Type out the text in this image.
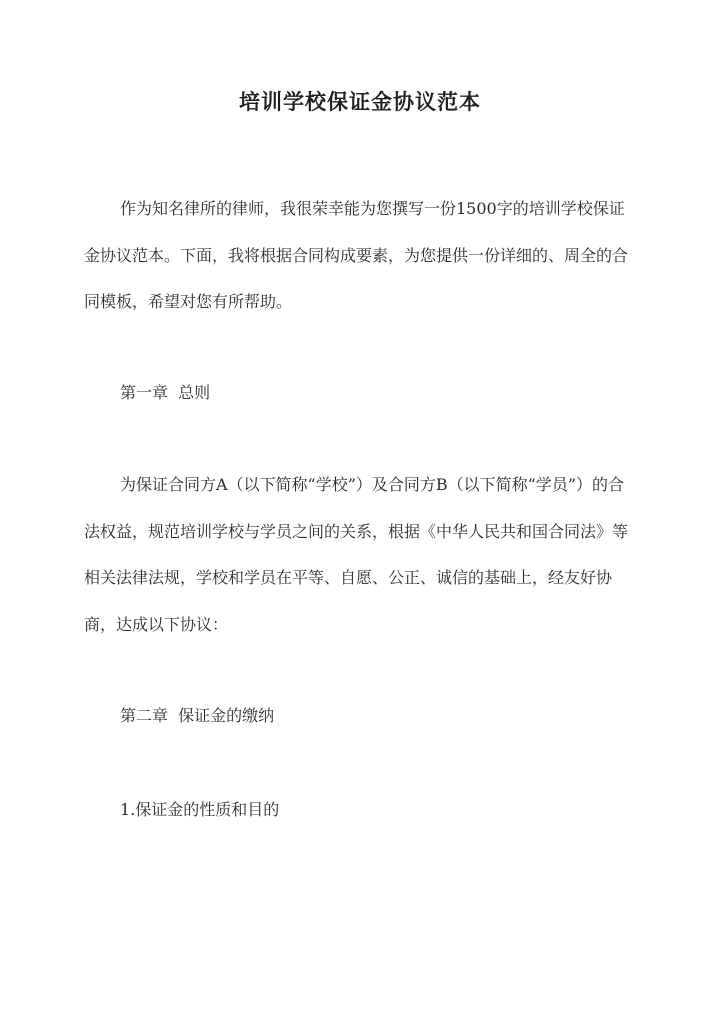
培训学校保证金协议范本

作为知名律所的律师，我很荣幸能为您撰写一份1500字的培训学校保证金协议范本。下面，我将根据合同构成要素，为您提供一份详细的、周全的合同模板，希望对您有所帮助。

第一章  总则

为保证合同方A（以下简称“学校”）及合同方B（以下简称“学员”）的合法权益，规范培训学校与学员之间的关系，根据《中华人民共和国合同法》等相关法律法规，学校和学员在平等、自愿、公正、诚信的基础上，经友好协商，达成以下协议：

第二章  保证金的缴纳

1.保证金的性质和目的
